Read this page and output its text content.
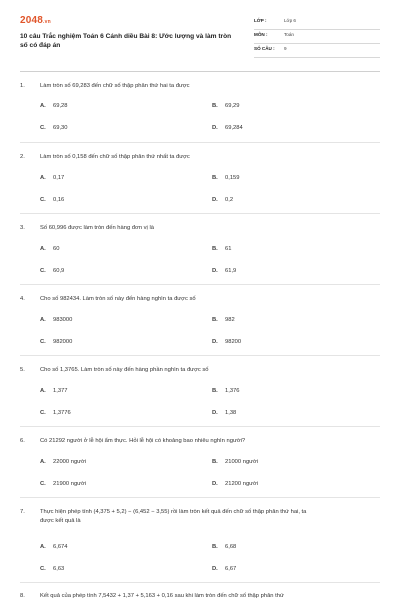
2048.vn
10 câu Trắc nghiệm Toán 6 Cánh diều Bài 8: Ước lượng và làm tròn số có đáp án
LỚP :	Lớp 6
MÔN :	Toán
SỐ CÂU : 9
1.	Làm tròn số 69,283 đến chữ số thập phân thứ hai ta được
A. 69,28	B. 69,29
C. 69,30	D. 69,284
2.	Làm tròn số 0,158 đến chữ số thập phân thứ nhất ta được
A. 0,17	B. 0,159
C. 0,16	D. 0,2
3.	Số 60,996 được làm tròn đến hàng đơn vị là
A. 60	B. 61
C. 60,9	D. 61,9
4.	Cho số 982434. Làm tròn số này đến hàng nghìn ta được số
A. 983000	B. 982
C. 982000	D. 98200
5.	Cho số 1,3765. Làm tròn số này đến hàng phần nghìn ta được số
A. 1,377	B. 1,376
C. 1,3776	D. 1,38
6.	Có 21292 người ở lễ hội ẩm thực. Hỏi lễ hội có khoảng bao nhiêu nghìn người?
A. 22000 người	B. 21000 người
C. 21900 người	D. 21200 người
7.	Thực hiện phép tính (4,375 + 5,2) − (6,452 − 3,55) rồi làm tròn kết quả đến chữ số thập phân thứ hai, ta được kết quả là
A. 6,674	B. 6,68
C. 6,63	D. 6,67
8.	Kết quả của phép tính 7,5432 + 1,37 + 5,163 + 0,16 sau khi làm tròn đến chữ số thập phân thứ
